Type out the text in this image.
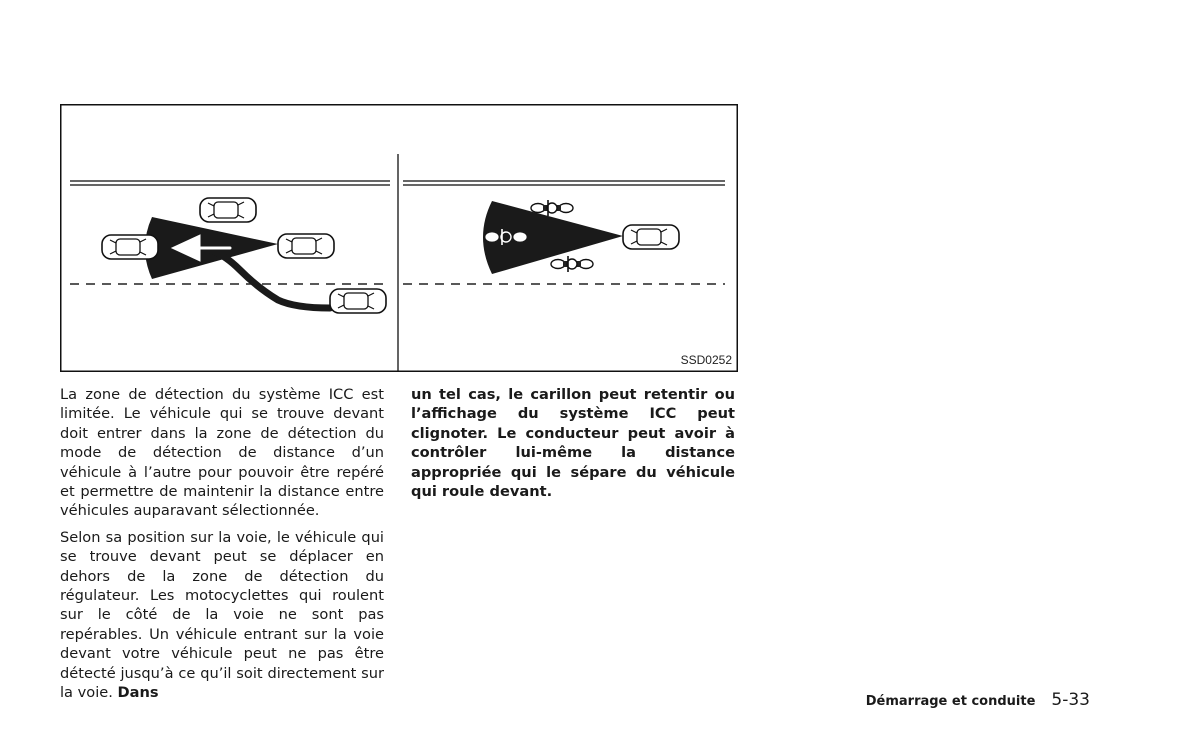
SSD0252

La zone de détection du système ICC est limitée. Le véhicule qui se trouve devant doit entrer dans la zone de détection du mode de détection de distance d’un véhicule à l’autre pour pouvoir être repéré et permettre de maintenir la distance entre véhicules auparavant sélectionnée.

Selon sa position sur la voie, le véhicule qui se trouve devant peut se déplacer en dehors de la zone de détection du régulateur. Les motocyclettes qui roulent sur le côté de la voie ne sont pas repérables. Un véhicule entrant sur la voie devant votre véhicule peut ne pas être détecté jusqu’à ce qu’il soit directement sur la voie. Dans

un tel cas, le carillon peut retentir ou l’affichage du système ICC peut clignoter. Le conducteur peut avoir à contrôler lui-même la distance appropriée qui le sépare du véhicule qui roule devant.

Démarrage et conduite 5-33
